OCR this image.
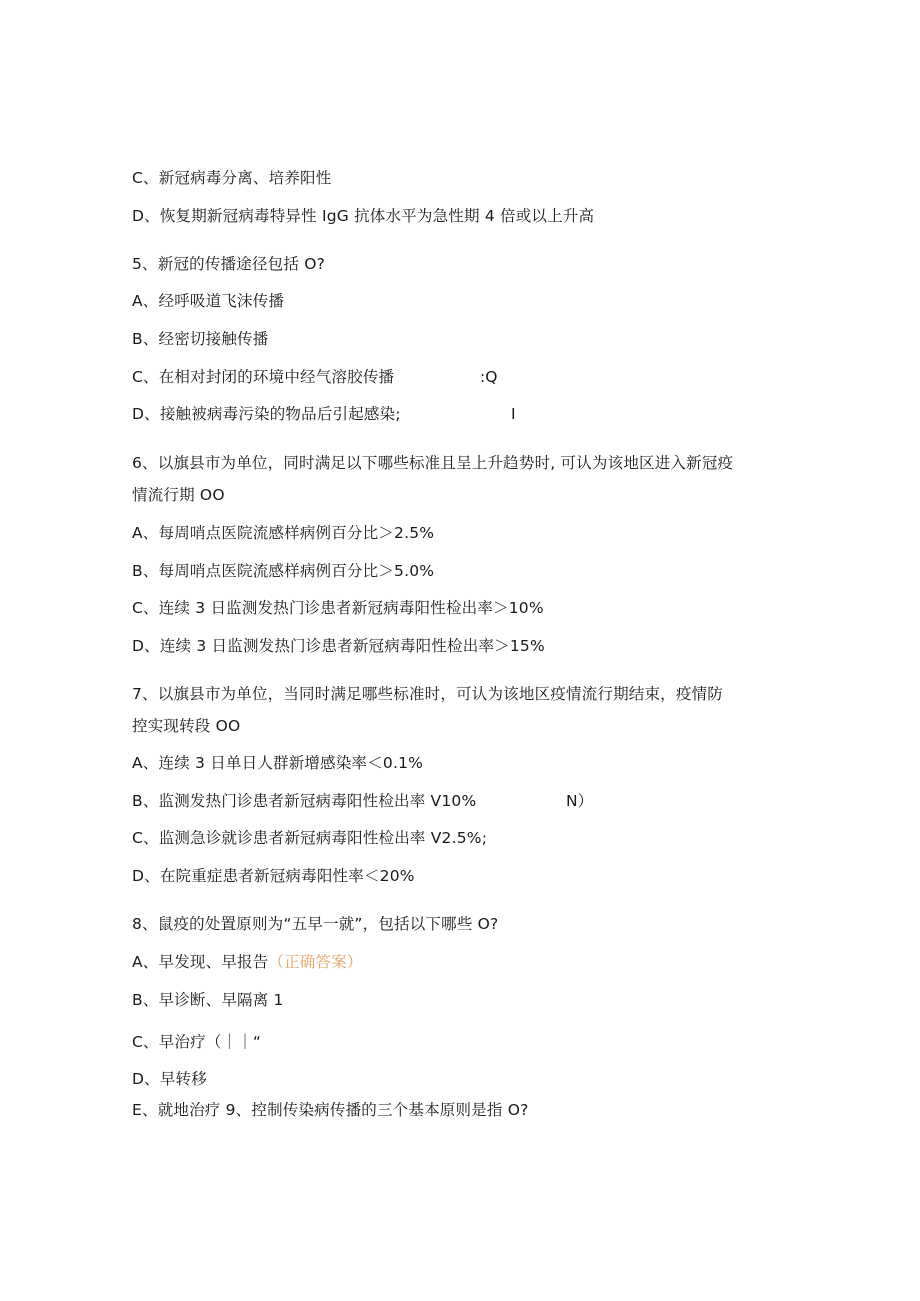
C、新冠病毒分离、培养阳性
D、恢复期新冠病毒特异性 IgG 抗体水平为急性期 4 倍或以上升高
5、新冠的传播途径包括 O?
A、经呼吸道飞沫传播
B、经密切接触传播
C、在相对封闭的环境中经气溶胶传播	:Q
D、接触被病毒污染的物品后引起感染;	I
6、以旗县市为单位，同时满足以下哪些标准且呈上升趋势时, 可认为该地区进入新冠疫
情流行期 OO
A、每周哨点医院流感样病例百分比＞2.5%
B、每周哨点医院流感样病例百分比＞5.0%
C、连续 3 日监测发热门诊患者新冠病毒阳性检出率＞10%
D、连续 3 日监测发热门诊患者新冠病毒阳性检出率＞15%
7、以旗县市为单位，当同时满足哪些标准时，可认为该地区疫情流行期结束，疫情防
控实现转段 OO
A、连续 3 日单日人群新增感染率＜0.1%
B、监测发热门诊患者新冠病毒阳性检出率 V10%	N）
C、监测急诊就诊患者新冠病毒阳性检出率 V2.5%;
D、在院重症患者新冠病毒阳性率＜20%
8、鼠疫的处置原则为“五早一就”，包括以下哪些 O?
A、早发现、早报告（正确答案）
B、早诊断、早隔离 1
C、早治疗（｜｜“
D、早转移
E、就地治疗 9、控制传染病传播的三个基本原则是指 O?
